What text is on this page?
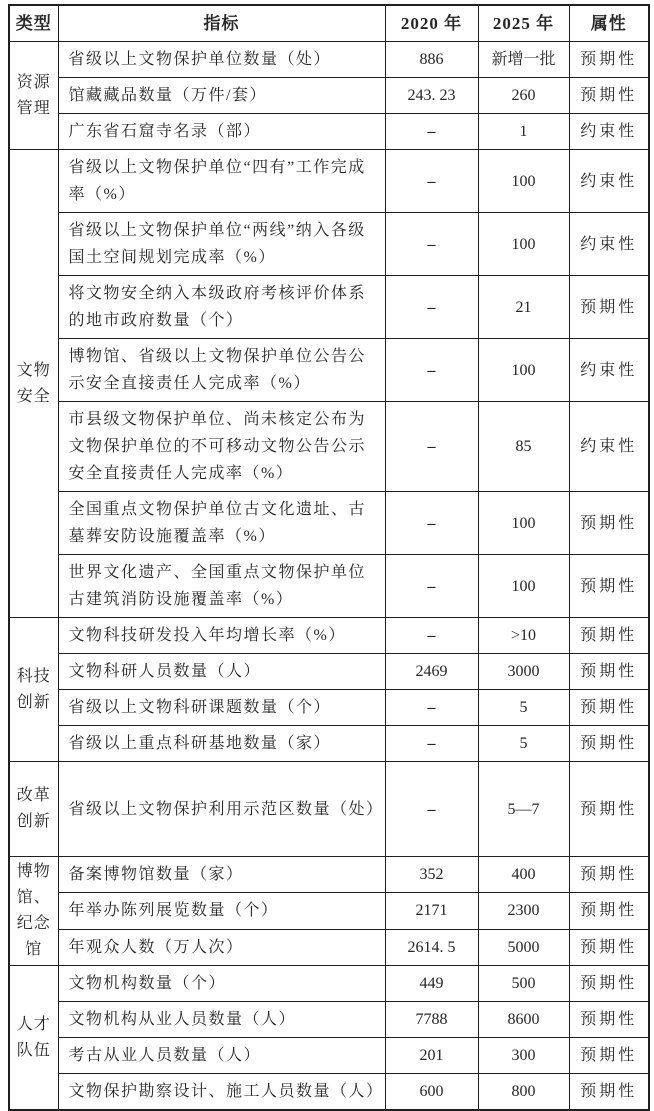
类型	指标	2020 年	2025 年	属性
资源管理	省级以上文物保护单位数量（处）	886	新增一批	预期性
	馆藏藏品数量（万件/套）	243. 23	260	预期性
	广东省石窟寺名录（部）	–	1	约束性
文物安全	省级以上文物保护单位“四有”工作完成率（%）	–	100	约束性
	省级以上文物保护单位“两线”纳入各级国土空间规划完成率（%）	–	100	约束性
	将文物安全纳入本级政府考核评价体系的地市政府数量（个）	–	21	预期性
	博物馆、省级以上文物保护单位公告公示安全直接责任人完成率（%）	–	100	约束性
	市县级文物保护单位、尚未核定公布为文物保护单位的不可移动文物公告公示安全直接责任人完成率（%）	–	85	约束性
	全国重点文物保护单位古文化遗址、古墓葬安防设施覆盖率（%）	–	100	预期性
	世界文化遗产、全国重点文物保护单位古建筑消防设施覆盖率（%）	–	100	预期性
科技创新	文物科技研发投入年均增长率（%）	–	>10	预期性
	文物科研人员数量（人）	2469	3000	预期性
	省级以上文物科研课题数量（个）	–	5	预期性
	省级以上重点科研基地数量（家）	–	5	预期性
改革创新	省级以上文物保护利用示范区数量（处）	–	5—7	预期性
博物馆、纪念馆	备案博物馆数量（家）	352	400	预期性
	年举办陈列展览数量（个）	2171	2300	预期性
	年观众人数（万人次）	2614. 5	5000	预期性
人才队伍	文物机构数量（个）	449	500	预期性
	文物机构从业人员数量（人）	7788	8600	预期性
	考古从业人员数量（人）	201	300	预期性
	文物保护勘察设计、施工人员数量（人）	600	800	预期性
